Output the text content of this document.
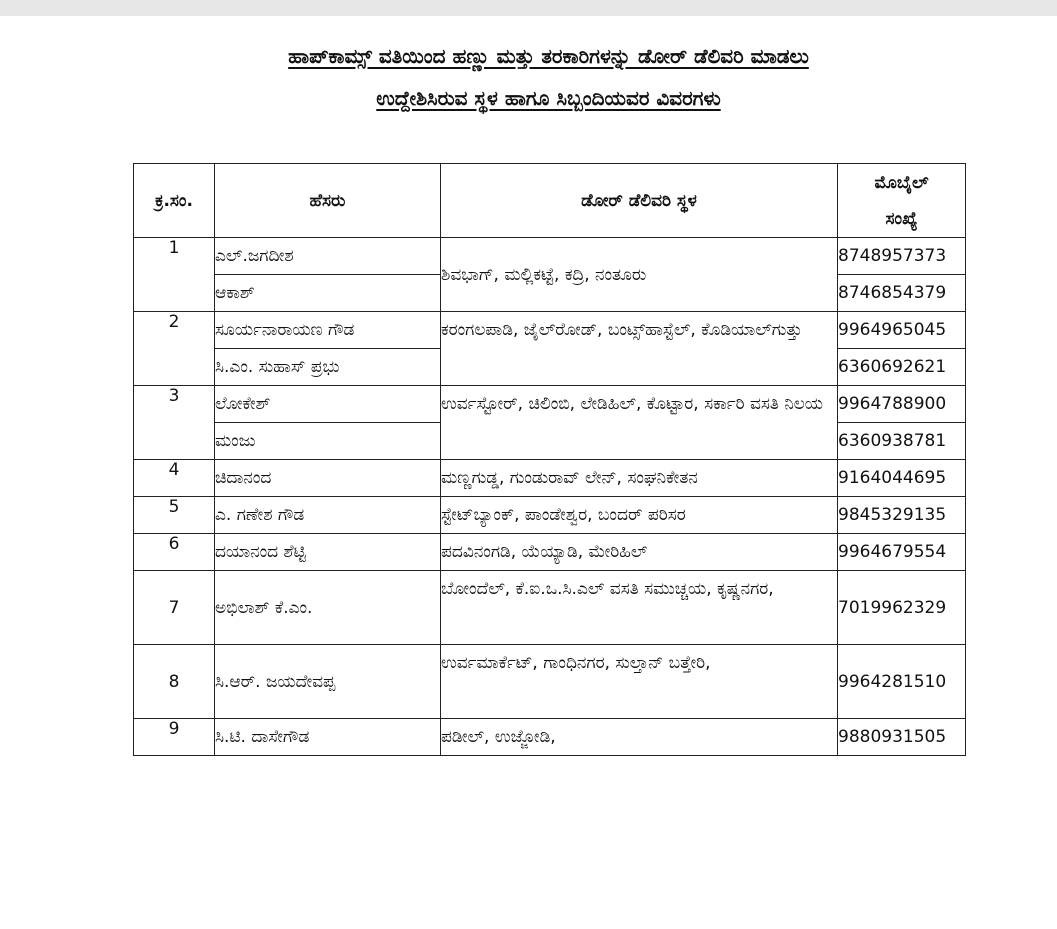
ಹಾಪ್‌ಕಾಮ್ಸ್ ವತಿಯಿಂದ ಹಣ್ಣು ಮತ್ತು ತರಕಾರಿಗಳನ್ನು ಡೋರ್ ಡೆಲಿವರಿ ಮಾಡಲು
ಉದ್ದೇಶಿಸಿರುವ ಸ್ಥಳ ಹಾಗೂ ಸಿಬ್ಬಂದಿಯವರ ವಿವರಗಳು
ಕ್ರ.ಸಂ.	ಹೆಸರು	ಡೋರ್ ಡೆಲಿವರಿ ಸ್ಥಳ	ಮೊಬೈಲ್
ಸಂಖ್ಯೆ
1	ಎಲ್.ಜಗದೀಶ	ಶಿವಭಾಗ್, ಮಲ್ಲಿಕಟ್ಟೆ, ಕದ್ರಿ, ನಂತೂರು	8748957373
	ಆಕಾಶ್		8746854379
2	ಸೂರ್ಯನಾರಾಯಣ ಗೌಡ	ಕರಂಗಲಪಾಡಿ, ಜೈಲ್‌ರೋಡ್, ಬಂಟ್ಸ್‌ಹಾಸ್ಟೆಲ್, ಕೊಡಿಯಾಲ್‌ಗುತ್ತು	9964965045
	ಸಿ.ಎಂ. ಸುಹಾಸ್ ಪ್ರಭು		6360692621
3	ಲೋಕೇಶ್	ಉರ್ವಸ್ಟೋರ್, ಚಿಲಿಂಬಿ, ಲೇಡಿಹಿಲ್, ಕೊಟ್ಟಾರ, ಸರ್ಕಾರಿ ವಸತಿ ನಿಲಯ	9964788900
	ಮಂಜು		6360938781
4	ಚಿದಾನಂದ	ಮಣ್ಣಗುಡ್ಡ, ಗುಂಡುರಾವ್ ಲೇನ್, ಸಂಘನಿಕೇತನ	9164044695
5	ಎ. ಗಣೇಶ ಗೌಡ	ಸ್ಟೇಟ್‌ಬ್ಯಾಂಕ್, ಪಾಂಡೇಶ್ವರ, ಬಂದರ್ ಪರಿಸರ	9845329135
6	ದಯಾನಂದ ಶೆಟ್ಟಿ	ಪದವಿನಂಗಡಿ, ಯೆಯ್ಯಾಡಿ, ಮೇರಿಹಿಲ್	9964679554
7	ಅಭಿಲಾಶ್ ಕೆ.ಎಂ.	ಬೋಂದೆಲ್, ಕೆ.ಐ.ಒ.ಸಿ.ಎಲ್ ವಸತಿ ಸಮುಚ್ಚಯ, ಕೃಷ್ಣನಗರ,	7019962329
8	ಸಿ.ಆರ್. ಜಯದೇವಪ್ಪ	ಉರ್ವಮಾರ್ಕೆಟ್, ಗಾಂಧಿನಗರ, ಸುಲ್ತಾನ್ ಬತ್ತೇರಿ,	9964281510
9	ಸಿ.ಟಿ. ದಾಸೇಗೌಡ	ಪಡೀಲ್, ಉಜ್ಜೋಡಿ,	9880931505
